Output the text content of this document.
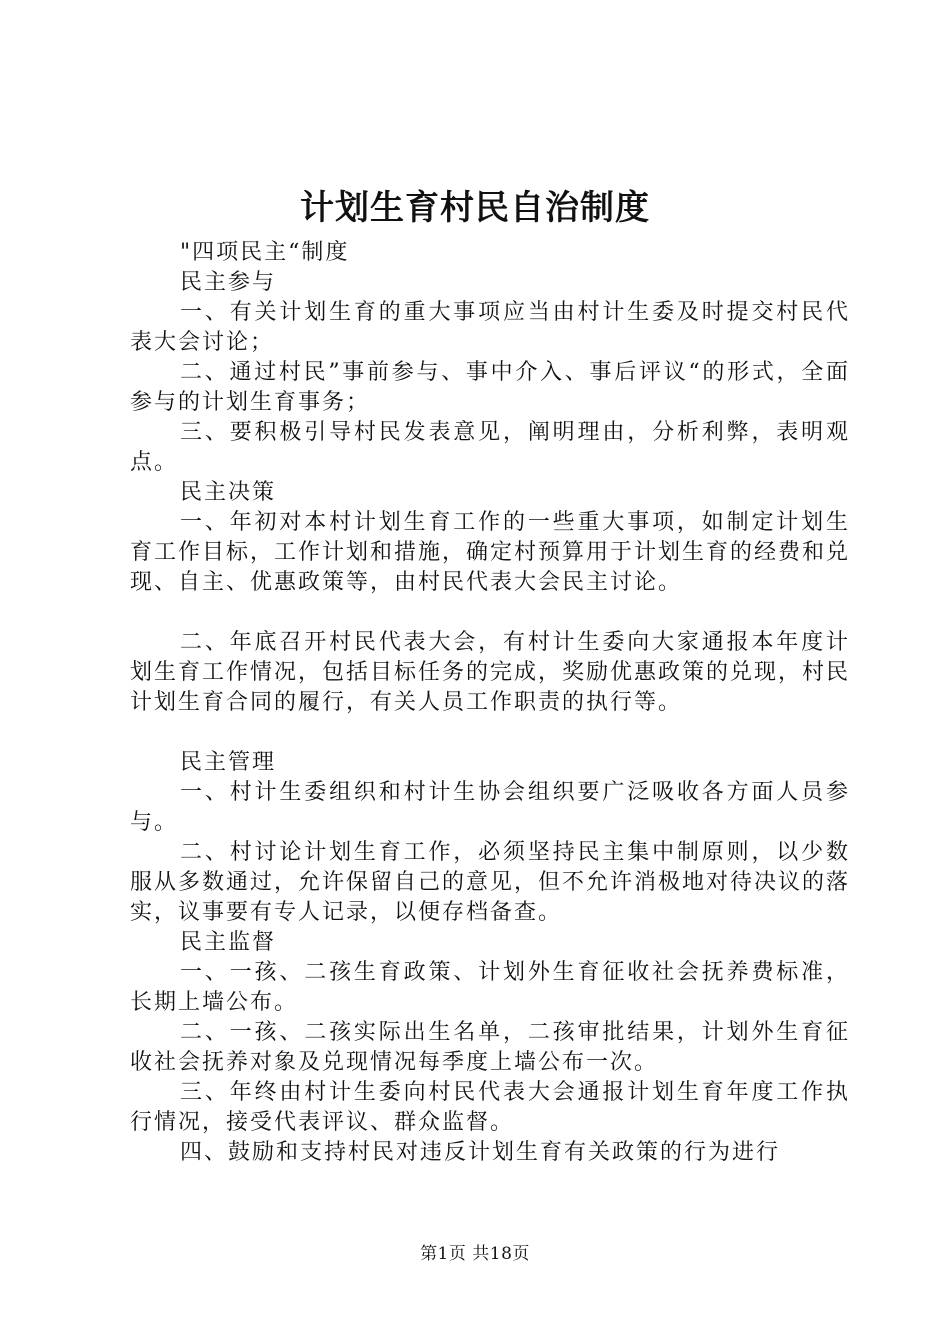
计划生育村民自治制度

"四项民主“制度

民主参与

一、有关计划生育的重大事项应当由村计生委及时提交村民代表大会讨论；

二、通过村民”事前参与、事中介入、事后评议“的形式，全面参与的计划生育事务；

三、要积极引导村民发表意见，阐明理由，分析利弊，表明观点。

民主决策

一、年初对本村计划生育工作的一些重大事项，如制定计划生育工作目标，工作计划和措施，确定村预算用于计划生育的经费和兑现、自主、优惠政策等，由村民代表大会民主讨论。

二、年底召开村民代表大会，有村计生委向大家通报本年度计划生育工作情况，包括目标任务的完成，奖励优惠政策的兑现，村民计划生育合同的履行，有关人员工作职责的执行等。

民主管理

一、村计生委组织和村计生协会组织要广泛吸收各方面人员参与。

二、村讨论计划生育工作，必须坚持民主集中制原则，以少数服从多数通过，允许保留自己的意见，但不允许消极地对待决议的落实，议事要有专人记录，以便存档备查。

民主监督

一、一孩、二孩生育政策、计划外生育征收社会抚养费标准，长期上墙公布。

二、一孩、二孩实际出生名单，二孩审批结果，计划外生育征收社会抚养对象及兑现情况每季度上墙公布一次。

三、年终由村计生委向村民代表大会通报计划生育年度工作执行情况，接受代表评议、群众监督。

四、鼓励和支持村民对违反计划生育有关政策的行为进行

第1页 共18页
